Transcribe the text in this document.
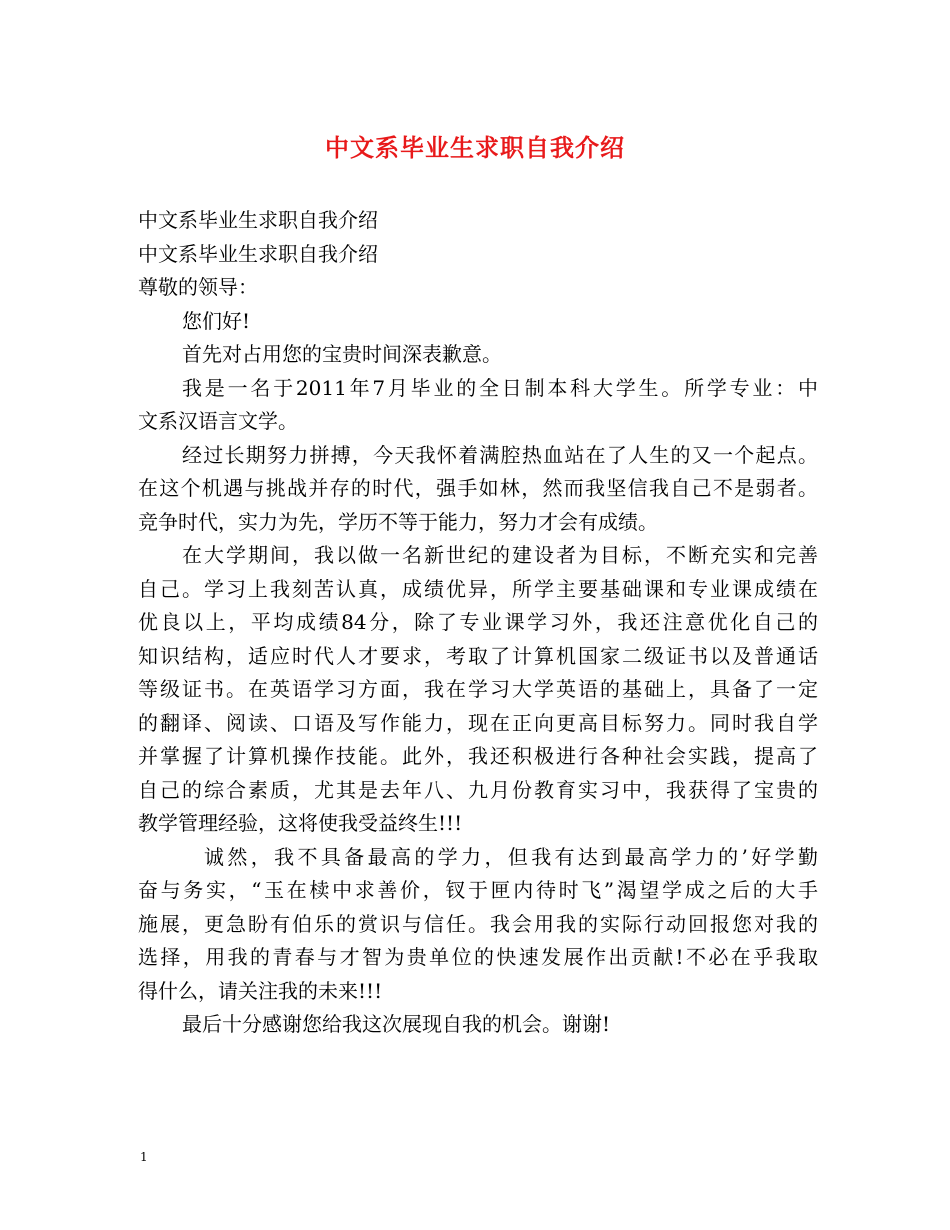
中文系毕业生求职自我介绍
中文系毕业生求职自我介绍
中文系毕业生求职自我介绍
尊敬的领导：
您们好!
首先对占用您的宝贵时间深表歉意。
我是一名于2011年7月毕业的全日制本科大学生。所学专业：中
文系汉语言文学。
经过长期努力拼搏，今天我怀着满腔热血站在了人生的又一个起点。
在这个机遇与挑战并存的时代，强手如林，然而我坚信我自己不是弱者。
竞争时代，实力为先，学历不等于能力，努力才会有成绩。
在大学期间，我以做一名新世纪的建设者为目标，不断充实和完善
自己。学习上我刻苦认真，成绩优异，所学主要基础课和专业课成绩在
优良以上，平均成绩84分，除了专业课学习外，我还注意优化自己的
知识结构，适应时代人才要求，考取了计算机国家二级证书以及普通话
等级证书。在英语学习方面，我在学习大学英语的基础上，具备了一定
的翻译、阅读、口语及写作能力，现在正向更高目标努力。同时我自学
并掌握了计算机操作技能。此外，我还积极进行各种社会实践，提高了
自己的综合素质，尤其是去年八、九月份教育实习中，我获得了宝贵的
教学管理经验，这将使我受益终生!!!
诚然，我不具备最高的学力，但我有达到最高学力的’好学勤
奋与务实，“玉在椟中求善价，钗于匣内待时飞”渴望学成之后的大手
施展，更急盼有伯乐的赏识与信任。我会用我的实际行动回报您对我的
选择，用我的青春与才智为贵单位的快速发展作出贡献!不必在乎我取
得什么，请关注我的未来!!!
最后十分感谢您给我这次展现自我的机会。谢谢!
1
